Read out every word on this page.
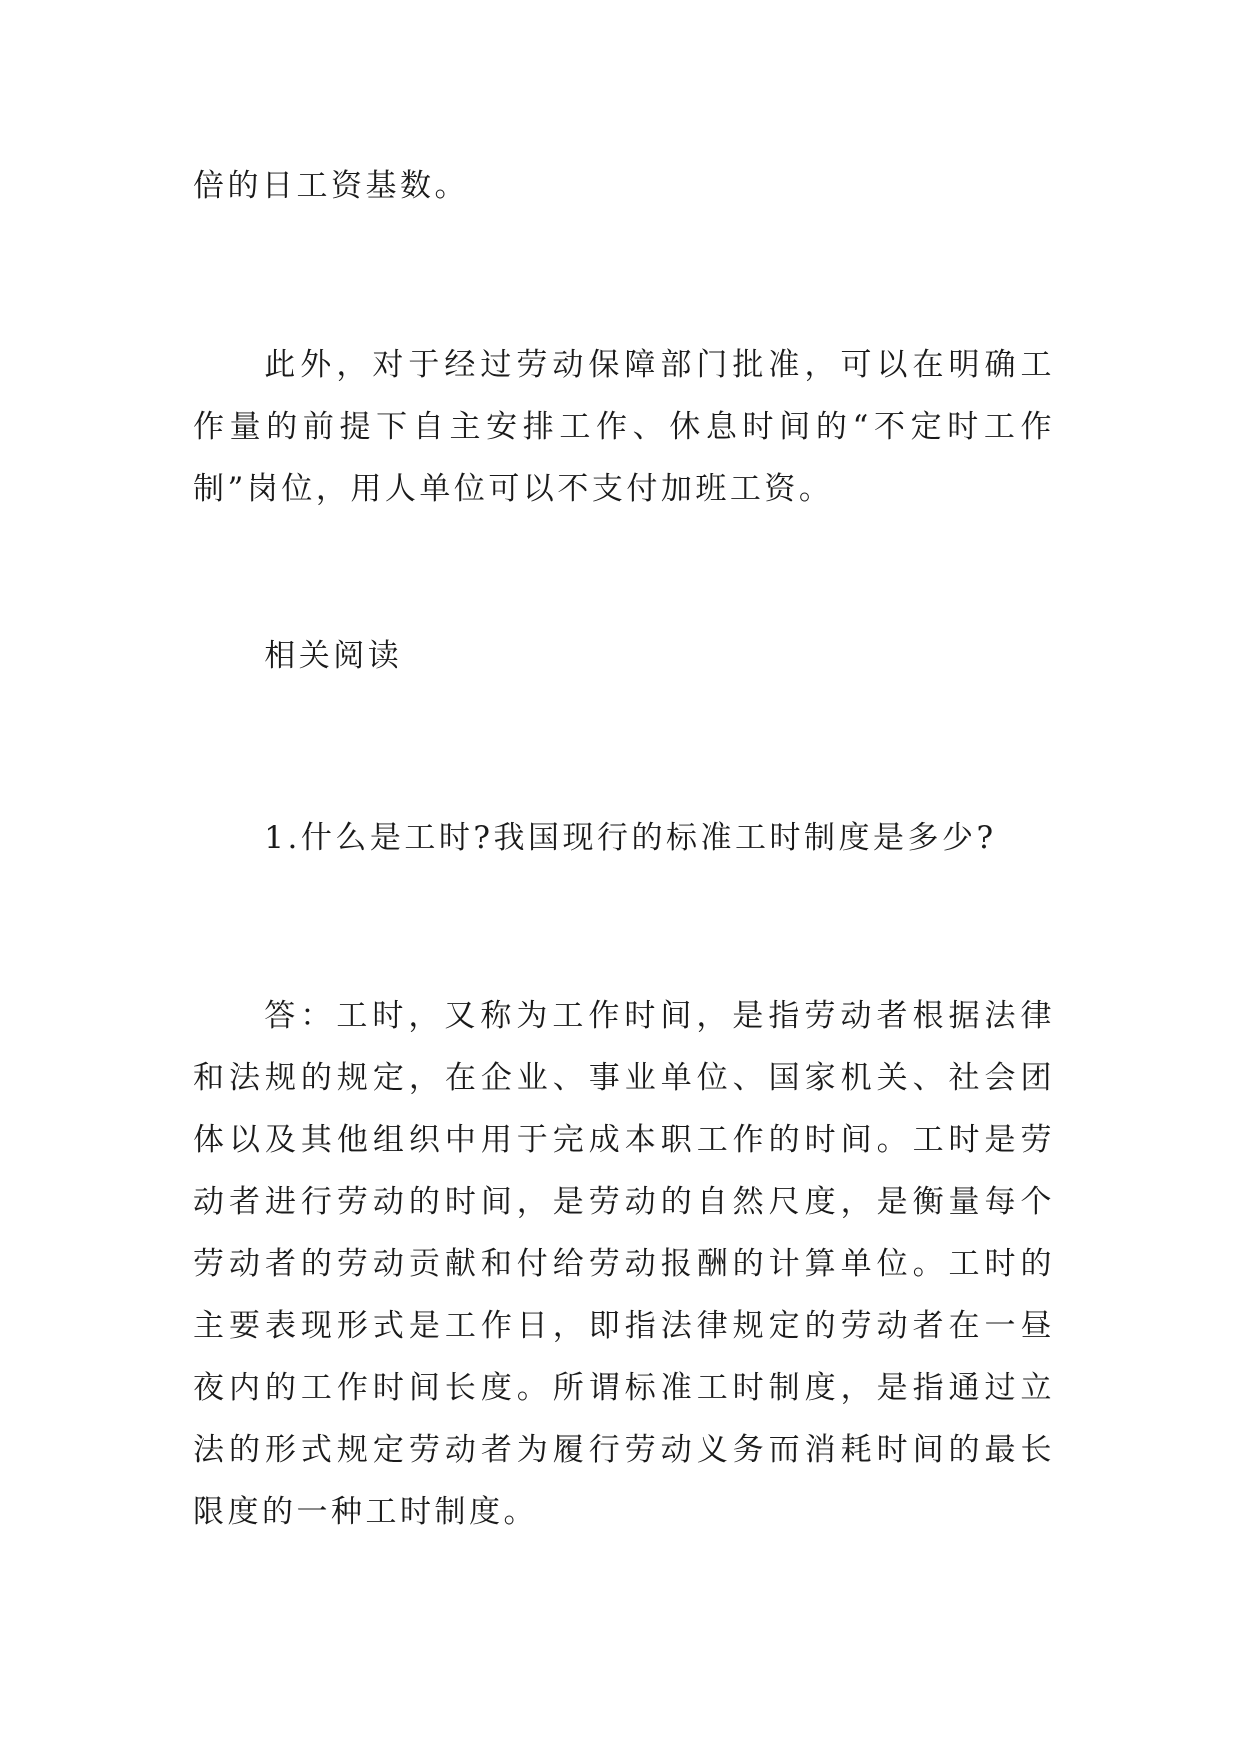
倍的日工资基数。

此外，对于经过劳动保障部门批准，可以在明确工作量的前提下自主安排工作、休息时间的“不定时工作制”岗位，用人单位可以不支付加班工资。

相关阅读

1.什么是工时?我国现行的标准工时制度是多少?

答：工时，又称为工作时间，是指劳动者根据法律和法规的规定，在企业、事业单位、国家机关、社会团体以及其他组织中用于完成本职工作的时间。工时是劳动者进行劳动的时间，是劳动的自然尺度，是衡量每个劳动者的劳动贡献和付给劳动报酬的计算单位。工时的主要表现形式是工作日，即指法律规定的劳动者在一昼夜内的工作时间长度。所谓标准工时制度，是指通过立法的形式规定劳动者为履行劳动义务而消耗时间的最长限度的一种工时制度。
